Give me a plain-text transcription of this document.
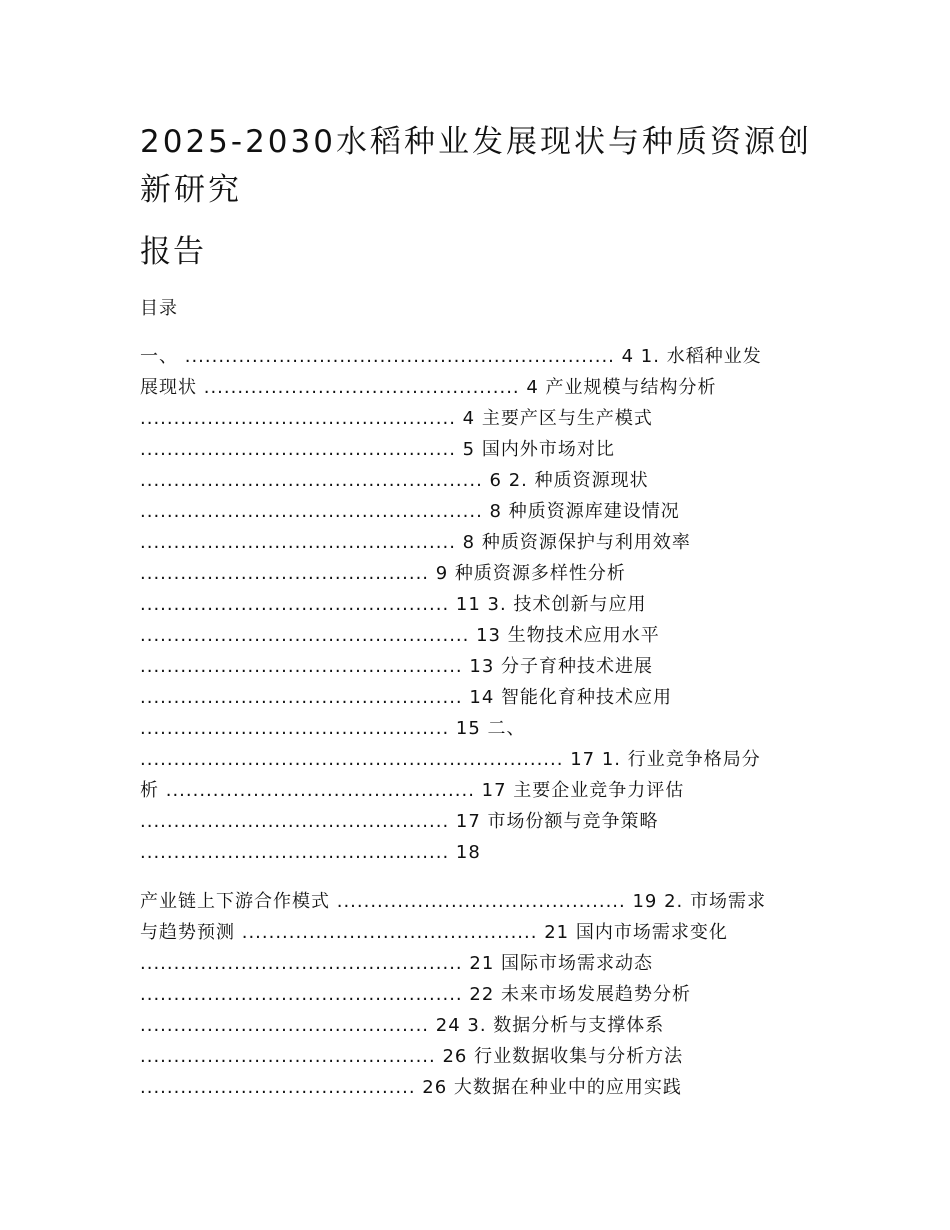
2025-2030水稻种业发展现状与种质资源创新研究
报告
目录
一、 ................................................................ 4 1. 水稻种业发
展现状 ............................................... 4 产业规模与结构分析
............................................... 4 主要产区与生产模式
............................................... 5 国内外市场对比
................................................... 6 2. 种质资源现状
................................................... 8 种质资源库建设情况
............................................... 8 种质资源保护与利用效率
........................................... 9 种质资源多样性分析
.............................................. 11 3. 技术创新与应用
................................................. 13 生物技术应用水平
................................................ 13 分子育种技术进展
................................................ 14 智能化育种技术应用
.............................................. 15 二、
............................................................... 17 1. 行业竞争格局分
析 .............................................. 17 主要企业竞争力评估
.............................................. 17 市场份额与竞争策略
.............................................. 18
产业链上下游合作模式 ........................................... 19 2. 市场需求
与趋势预测 ............................................ 21 国内市场需求变化
................................................ 21 国际市场需求动态
................................................ 22 未来市场发展趋势分析
........................................... 24 3. 数据分析与支撑体系
............................................ 26 行业数据收集与分析方法
......................................... 26 大数据在种业中的应用实践
